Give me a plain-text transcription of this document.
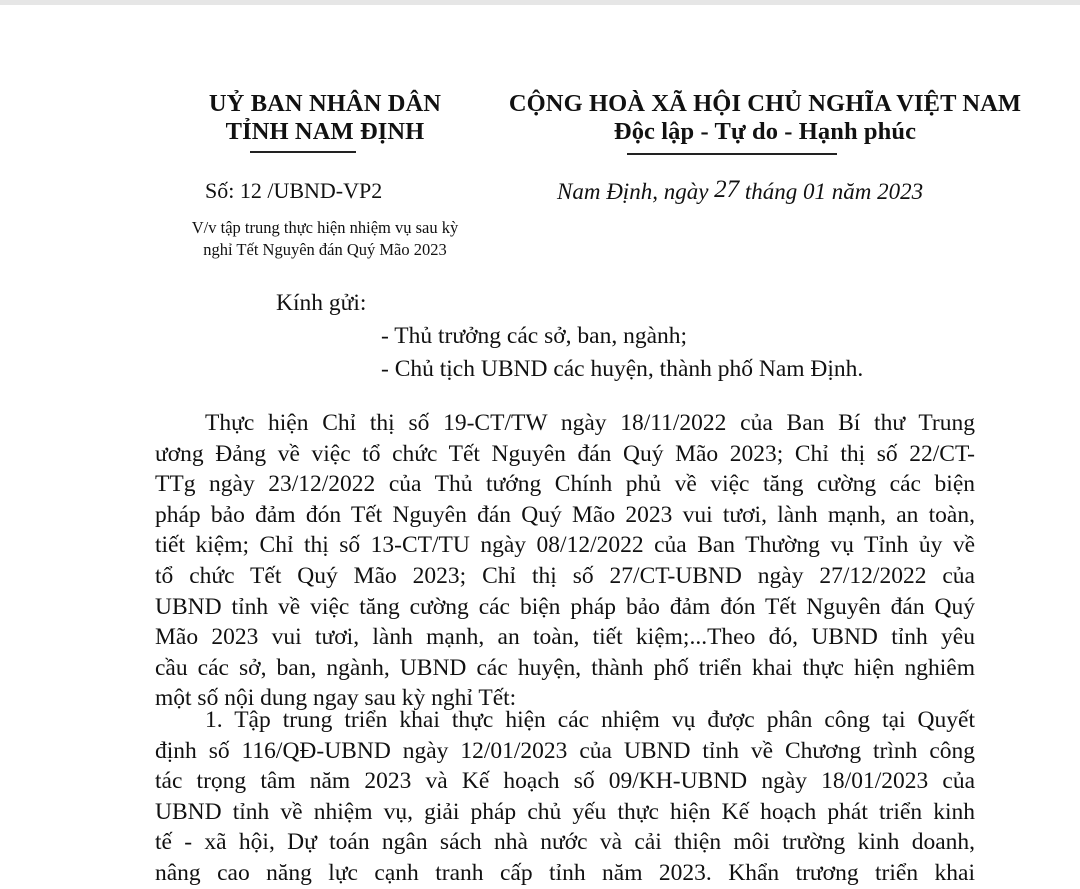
UỶ BAN NHÂN DÂN
TỈNH NAM ĐỊNH
CỘNG HOÀ XÃ HỘI CHỦ NGHĨA VIỆT NAM
Độc lập - Tự do - Hạnh phúc
Số: 12 /UBND-VP2	Nam Định, ngày 27 tháng 01 năm 2023
V/v tập trung thực hiện nhiệm vụ sau kỳ
nghỉ Tết Nguyên đán Quý Mão 2023
Kính gửi:
- Thủ trưởng các sở, ban, ngành;
- Chủ tịch UBND các huyện, thành phố Nam Định.
Thực hiện Chỉ thị số 19-CT/TW ngày 18/11/2022 của Ban Bí thư Trung
ương Đảng về việc tổ chức Tết Nguyên đán Quý Mão 2023; Chỉ thị số 22/CT-
TTg ngày 23/12/2022 của Thủ tướng Chính phủ về việc tăng cường các biện
pháp bảo đảm đón Tết Nguyên đán Quý Mão 2023 vui tươi, lành mạnh, an toàn,
tiết kiệm; Chỉ thị số 13-CT/TU ngày 08/12/2022 của Ban Thường vụ Tỉnh ủy về
tổ chức Tết Quý Mão 2023; Chỉ thị số 27/CT-UBND ngày 27/12/2022 của
UBND tỉnh về việc tăng cường các biện pháp bảo đảm đón Tết Nguyên đán Quý
Mão 2023 vui tươi, lành mạnh, an toàn, tiết kiệm;...Theo đó, UBND tỉnh yêu
cầu các sở, ban, ngành, UBND các huyện, thành phố triển khai thực hiện nghiêm
một số nội dung ngay sau kỳ nghỉ Tết:
1. Tập trung triển khai thực hiện các nhiệm vụ được phân công tại Quyết
định số 116/QĐ-UBND ngày 12/01/2023 của UBND tỉnh về Chương trình công
tác trọng tâm năm 2023 và Kế hoạch số 09/KH-UBND ngày 18/01/2023 của
UBND tỉnh về nhiệm vụ, giải pháp chủ yếu thực hiện Kế hoạch phát triển kinh
tế - xã hội, Dự toán ngân sách nhà nước và cải thiện môi trường kinh doanh,
nâng cao năng lực cạnh tranh cấp tỉnh năm 2023. Khẩn trương triển khai
